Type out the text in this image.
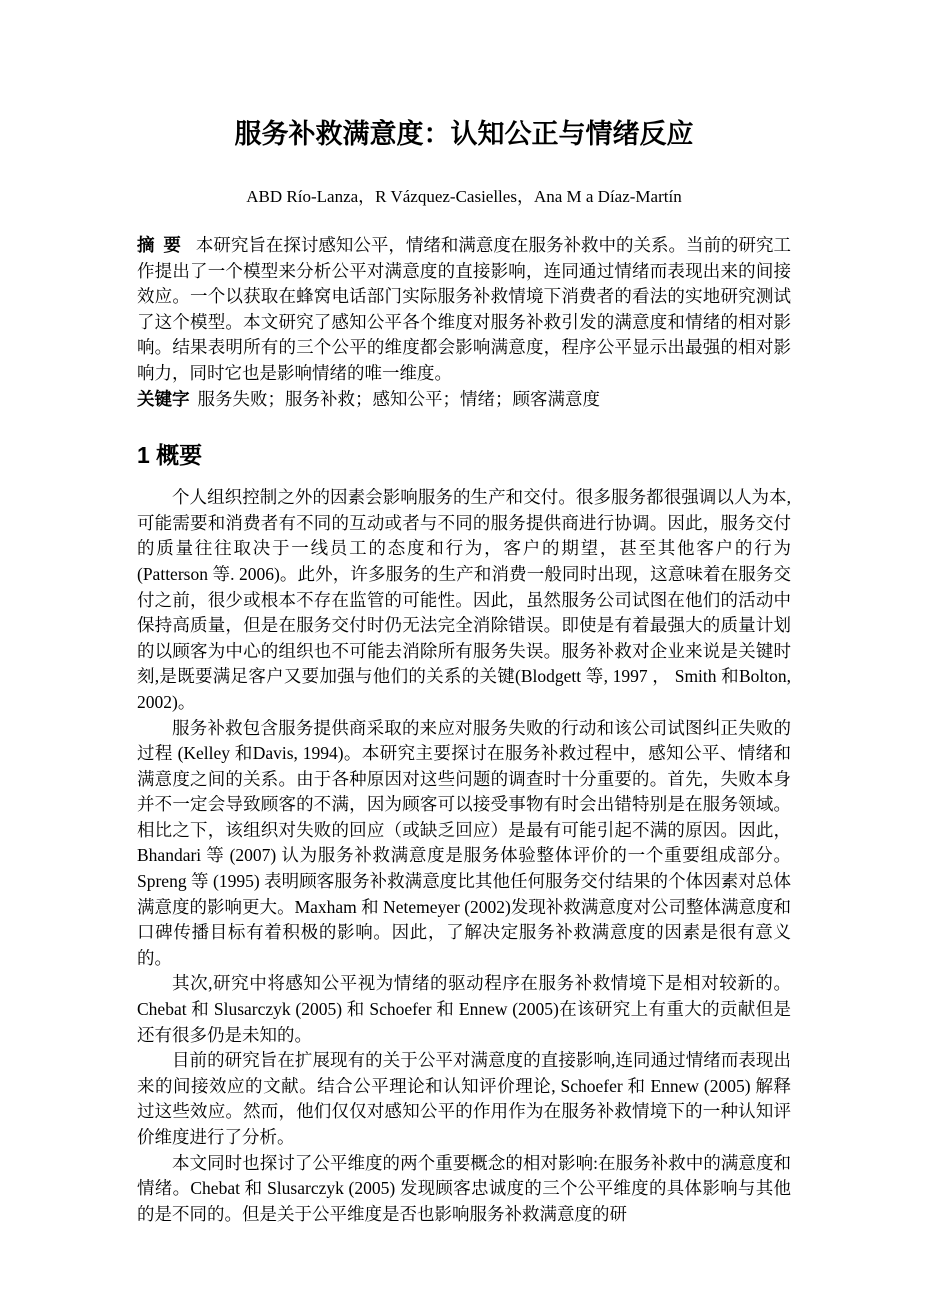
服务补救满意度：认知公正与情绪反应
ABD Río-Lanza，R Vázquez-Casielles，Ana M a Díaz-Martín

摘 要 本研究旨在探讨感知公平，情绪和满意度在服务补救中的关系。当前的研究工作提出了一个模型来分析公平对满意度的直接影响，连同通过情绪而表现出来的间接效应。一个以获取在蜂窝电话部门实际服务补救情境下消费者的看法的实地研究测试了这个模型。本文研究了感知公平各个维度对服务补救引发的满意度和情绪的相对影响。结果表明所有的三个公平的维度都会影响满意度，程序公平显示出最强的相对影响力，同时它也是影响情绪的唯一维度。

关键字 服务失败；服务补救；感知公平；情绪；顾客满意度

1 概要

个人组织控制之外的因素会影响服务的生产和交付。很多服务都很强调以人为本,可能需要和消费者有不同的互动或者与不同的服务提供商进行协调。因此，服务交付的质量往往取决于一线员工的态度和行为，客户的期望，甚至其他客户的行为(Patterson 等. 2006)。此外，许多服务的生产和消费一般同时出现，这意味着在服务交付之前，很少或根本不存在监管的可能性。因此，虽然服务公司试图在他们的活动中保持高质量，但是在服务交付时仍无法完全消除错误。即使是有着最强大的质量计划的以顾客为中心的组织也不可能去消除所有服务失误。服务补救对企业来说是关键时刻,是既要满足客户又要加强与他们的关系的关键(Blodgett 等, 1997 ， Smith 和Bolton, 2002)。

服务补救包含服务提供商采取的来应对服务失败的行动和该公司试图纠正失败的过程 (Kelley 和Davis, 1994)。本研究主要探讨在服务补救过程中，感知公平、情绪和满意度之间的关系。由于各种原因对这些问题的调查时十分重要的。首先，失败本身并不一定会导致顾客的不满，因为顾客可以接受事物有时会出错特别是在服务领域。相比之下，该组织对失败的回应（或缺乏回应）是最有可能引起不满的原因。因此， Bhandari 等 (2007) 认为服务补救满意度是服务体验整体评价的一个重要组成部分。Spreng 等 (1995) 表明顾客服务补救满意度比其他任何服务交付结果的个体因素对总体满意度的影响更大。Maxham 和 Netemeyer (2002)发现补救满意度对公司整体满意度和口碑传播目标有着积极的影响。因此，了解决定服务补救满意度的因素是很有意义的。

其次,研究中将感知公平视为情绪的驱动程序在服务补救情境下是相对较新的。Chebat 和 Slusarczyk (2005) 和 Schoefer 和 Ennew (2005)在该研究上有重大的贡献但是还有很多仍是未知的。

目前的研究旨在扩展现有的关于公平对满意度的直接影响,连同通过情绪而表现出来的间接效应的文献。结合公平理论和认知评价理论, Schoefer 和 Ennew (2005) 解释过这些效应。然而，他们仅仅对感知公平的作用作为在服务补救情境下的一种认知评价维度进行了分析。

本文同时也探讨了公平维度的两个重要概念的相对影响:在服务补救中的满意度和情绪。Chebat 和 Slusarczyk (2005) 发现顾客忠诚度的三个公平维度的具体影响与其他的是不同的。但是关于公平维度是否也影响服务补救满意度的研
